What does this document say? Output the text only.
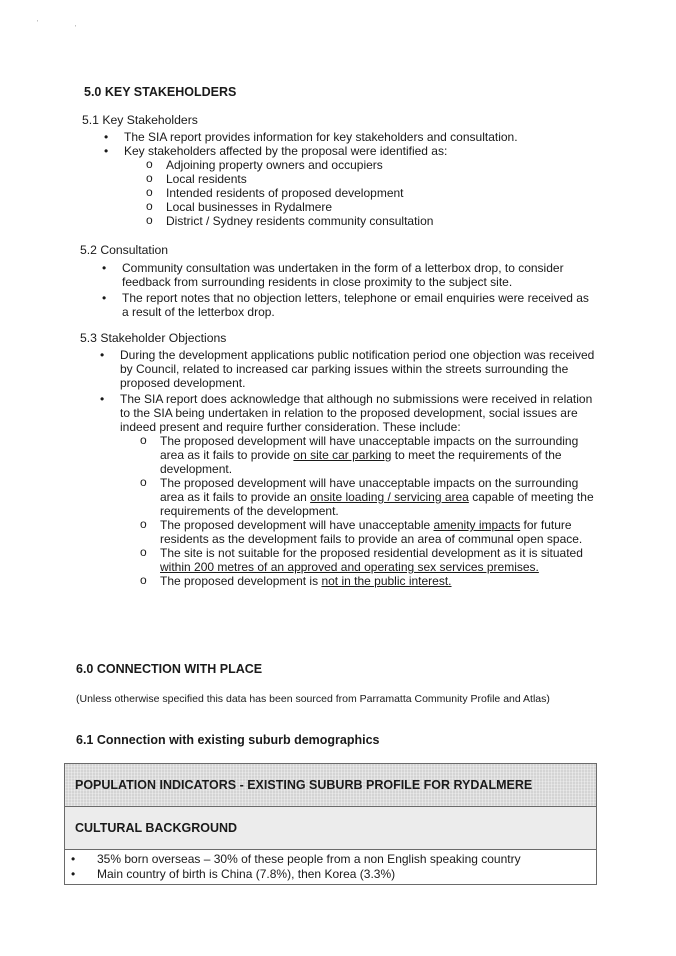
'
'
5.0 KEY STAKEHOLDERS
5.1 Key Stakeholders
• The SIA report provides information for key stakeholders and consultation.
• Key stakeholders affected by the proposal were identified as:
o Adjoining property owners and occupiers
o Local residents
o Intended residents of proposed development
o Local businesses in Rydalmere
o District / Sydney residents community consultation
5.2 Consultation
• Community consultation was undertaken in the form of a letterbox drop, to consider feedback from surrounding residents in close proximity to the subject site.
• The report notes that no objection letters, telephone or email enquiries were received as a result of the letterbox drop.
5.3 Stakeholder Objections
• During the development applications public notification period one objection was received by Council, related to increased car parking issues within the streets surrounding the proposed development.
• The SIA report does acknowledge that although no submissions were received in relation to the SIA being undertaken in relation to the proposed development, social issues are indeed present and require further consideration. These include:
o The proposed development will have unacceptable impacts on the surrounding area as it fails to provide on site car parking to meet the requirements of the development.
o The proposed development will have unacceptable impacts on the surrounding area as it fails to provide an onsite loading / servicing area capable of meeting the requirements of the development.
o The proposed development will have unacceptable amenity impacts for future residents as the development fails to provide an area of communal open space.
o The site is not suitable for the proposed residential development as it is situated within 200 metres of an approved and operating sex services premises.
o The proposed development is not in the public interest.
6.0 CONNECTION WITH PLACE
(Unless otherwise specified this data has been sourced from Parramatta Community Profile and Atlas)
6.1 Connection with existing suburb demographics
POPULATION INDICATORS - EXISTING SUBURB PROFILE FOR RYDALMERE
CULTURAL BACKGROUND
• 35% born overseas – 30% of these people from a non English speaking country
• Main country of birth is China (7.8%), then Korea (3.3%)
